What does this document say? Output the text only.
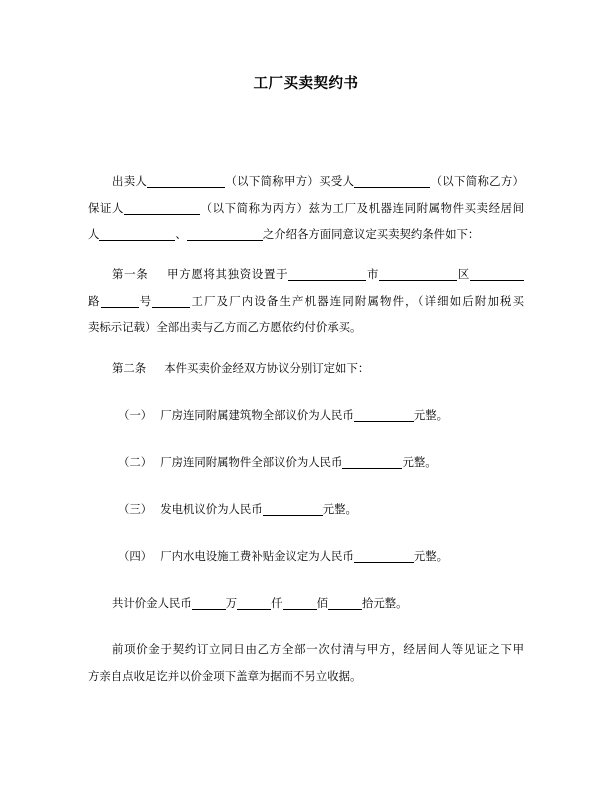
工厂买卖契约书
出卖人	（以下简称甲方）买受人	（以下简称乙方）
保证人	（以下简称为丙方）兹为工厂及机器连同附属物件买卖经居间
人	、	之介绍各方面同意议定买卖契约条件如下：
第一条 甲方愿将其独资设置于	市	区
路	号	工厂及厂内设备生产机器连同附属物件，（详细如后附加税买
卖标示记载）全部出卖与乙方而乙方愿依约付价承买。
第二条 本件买卖价金经双方协议分别订定如下：
（一） 厂房连同附属建筑物全部议价为人民币	元整。
（二） 厂房连同附属物件全部议价为人民币	元整。
（三） 发电机议价为人民币	元整。
（四） 厂内水电设施工费补贴金议定为人民币	元整。
共计价金人民币	万	仟	佰	拾元整。
前项价金于契约订立同日由乙方全部一次付清与甲方，经居间人等见证之下甲
方亲自点收足讫并以价金项下盖章为据而不另立收据。
